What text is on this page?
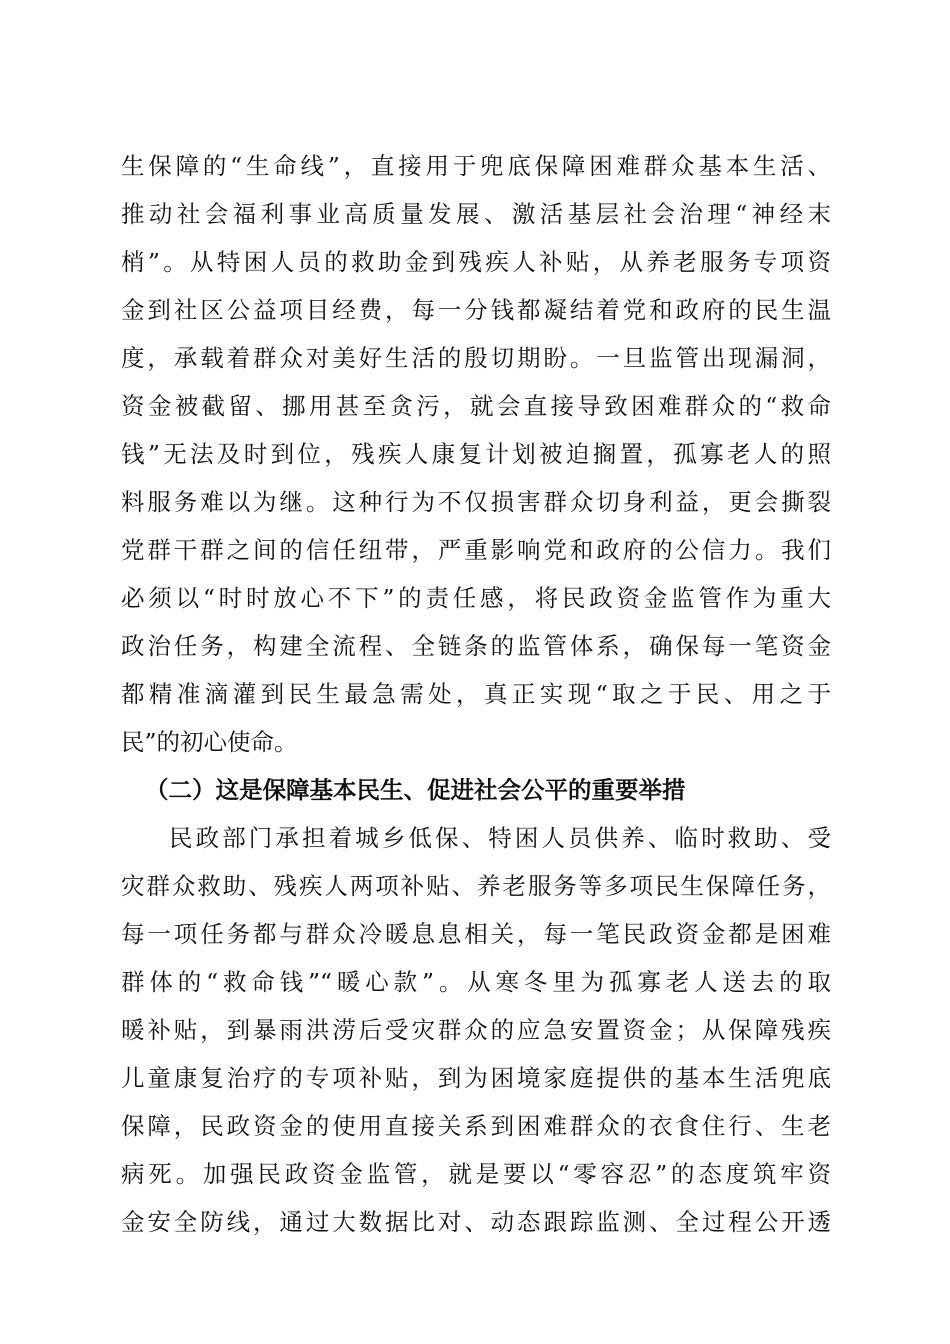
生保障的“生命线”，直接用于兜底保障困难群众基本生活、
推动社会福利事业高质量发展、激活基层社会治理“神经末
梢”。从特困人员的救助金到残疾人补贴，从养老服务专项资
金到社区公益项目经费，每一分钱都凝结着党和政府的民生温
度，承载着群众对美好生活的殷切期盼。一旦监管出现漏洞，
资金被截留、挪用甚至贪污，就会直接导致困难群众的“救命
钱”无法及时到位，残疾人康复计划被迫搁置，孤寡老人的照
料服务难以为继。这种行为不仅损害群众切身利益，更会撕裂
党群干群之间的信任纽带，严重影响党和政府的公信力。我们
必须以“时时放心不下”的责任感，将民政资金监管作为重大
政治任务，构建全流程、全链条的监管体系，确保每一笔资金
都精准滴灌到民生最急需处，真正实现“取之于民、用之于
民”的初心使命。
（二）这是保障基本民生、促进社会公平的重要举措
民政部门承担着城乡低保、特困人员供养、临时救助、受
灾群众救助、残疾人两项补贴、养老服务等多项民生保障任务，
每一项任务都与群众冷暖息息相关，每一笔民政资金都是困难
群体的“救命钱”“暖心款”。从寒冬里为孤寡老人送去的取
暖补贴，到暴雨洪涝后受灾群众的应急安置资金；从保障残疾
儿童康复治疗的专项补贴，到为困境家庭提供的基本生活兜底
保障，民政资金的使用直接关系到困难群众的衣食住行、生老
病死。加强民政资金监管，就是要以“零容忍”的态度筑牢资
金安全防线，通过大数据比对、动态跟踪监测、全过程公开透
